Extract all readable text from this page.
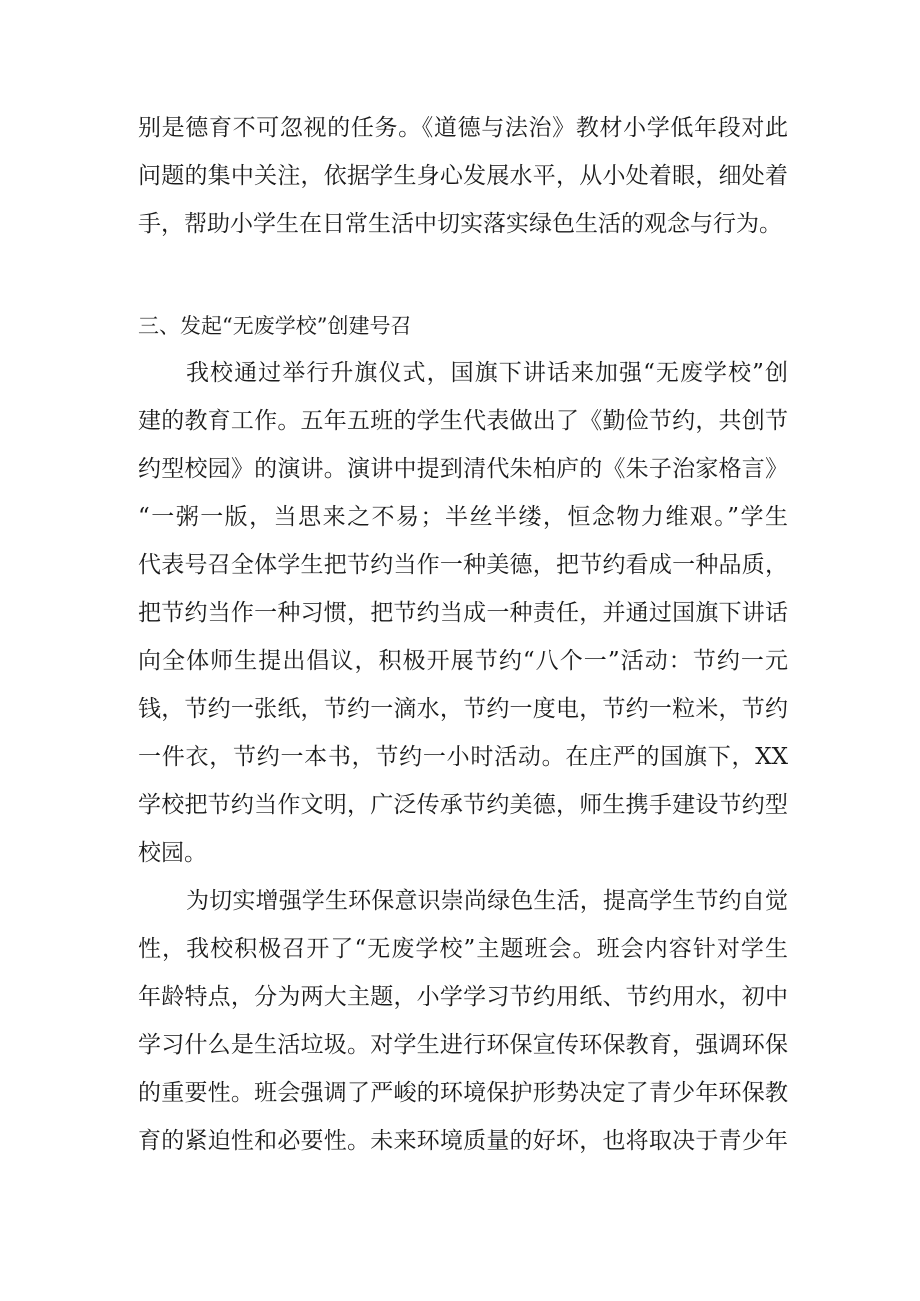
别是德育不可忽视的任务。《道德与法治》教材小学低年段对此
问题的集中关注，依据学生身心发展水平，从小处着眼，细处着
手，帮助小学生在日常生活中切实落实绿色生活的观念与行为。
三、发起“无废学校”创建号召
我校通过举行升旗仪式，国旗下讲话来加强“无废学校”创
建的教育工作。五年五班的学生代表做出了《勤俭节约，共创节
约型校园》的演讲。演讲中提到清代朱柏庐的《朱子治家格言》
“一粥一版，当思来之不易；半丝半缕，恒念物力维艰。”学生
代表号召全体学生把节约当作一种美德，把节约看成一种品质，
把节约当作一种习惯，把节约当成一种责任，并通过国旗下讲话
向全体师生提出倡议，积极开展节约“八个一”活动：节约一元
钱，节约一张纸，节约一滴水，节约一度电，节约一粒米，节约
一件衣，节约一本书，节约一小时活动。在庄严的国旗下，XX
学校把节约当作文明，广泛传承节约美德，师生携手建设节约型
校园。
为切实增强学生环保意识崇尚绿色生活，提高学生节约自觉
性，我校积极召开了“无废学校”主题班会。班会内容针对学生
年龄特点，分为两大主题，小学学习节约用纸、节约用水，初中
学习什么是生活垃圾。对学生进行环保宣传环保教育，强调环保
的重要性。班会强调了严峻的环境保护形势决定了青少年环保教
育的紧迫性和必要性。未来环境质量的好坏，也将取决于青少年
